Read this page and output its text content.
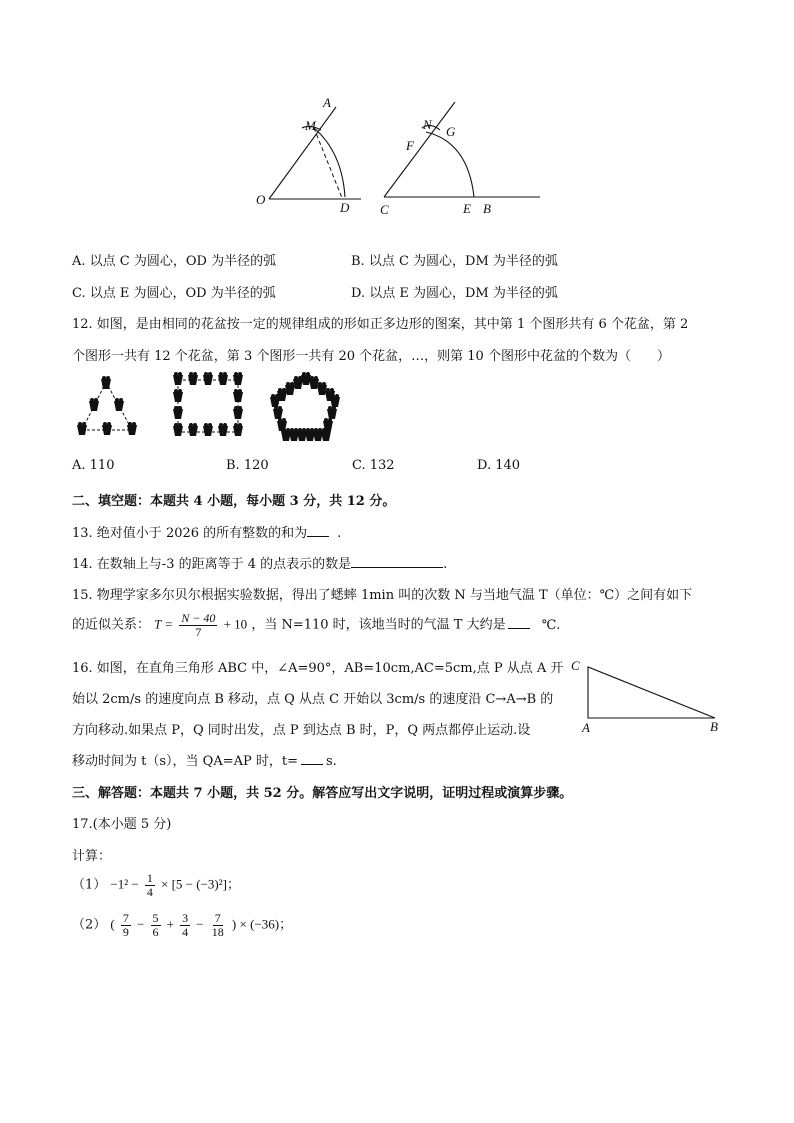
A
M
O
D
N G
F
C	E B
A. 以点 C 为圆心，OD 为半径的弧	B. 以点 C 为圆心，DM 为半径的弧
C. 以点 E 为圆心，OD 为半径的弧	D. 以点 E 为圆心，DM 为半径的弧
12. 如图，是由相同的花盆按一定的规律组成的形如正多边形的图案，其中第 1 个图形共有 6 个花盆，第 2
个图形一共有 12 个花盆，第 3 个图形一共有 20 个花盆，…，则第 10 个图形中花盆的个数为（　　）
A. 110	B. 120	C. 132	D. 140
二、填空题：本题共 4 小题，每小题 3 分，共 12 分。
13. 绝对值小于 2026 的所有整数的和为 .
14. 在数轴上与-3 的距离等于 4 的点表示的数是	.
15. 物理学家多尔贝尔根据实验数据，得出了蟋蟀 1min 叫的次数 N 与当地气温 T（单位：℃）之间有如下
的近似关系： $T = \frac{N - 40}{7} + 10$ ，当 N=110 时，该地当时的气温 T 大约是	℃.
16. 如图，在直角三角形 ABC 中，∠A=90°，AB=10cm,AC=5cm,点 P 从点 A 开
始以 2cm/s 的速度向点 B 移动，点 Q 从点 C 开始以 3cm/s 的速度沿 C→A→B 的
方向移动.如果点 P，Q 同时出发，点 P 到达点 B 时，P，Q 两点都停止运动.设
移动时间为 t（s），当 QA=AP 时，t= s.
C
A	B
三、解答题：本题共 7 小题，共 52 分。解答应写出文字说明，证明过程或演算步骤。
17.(本小题 5 分)
计算：
$(1) -1^2 - \frac{1}{4} \times [5 - (-3)^2]$；
（2） ( $\frac{7}{9} - \frac{5}{6} + \frac{3}{4} - \frac{7}{18}$ ) × (−36)；
